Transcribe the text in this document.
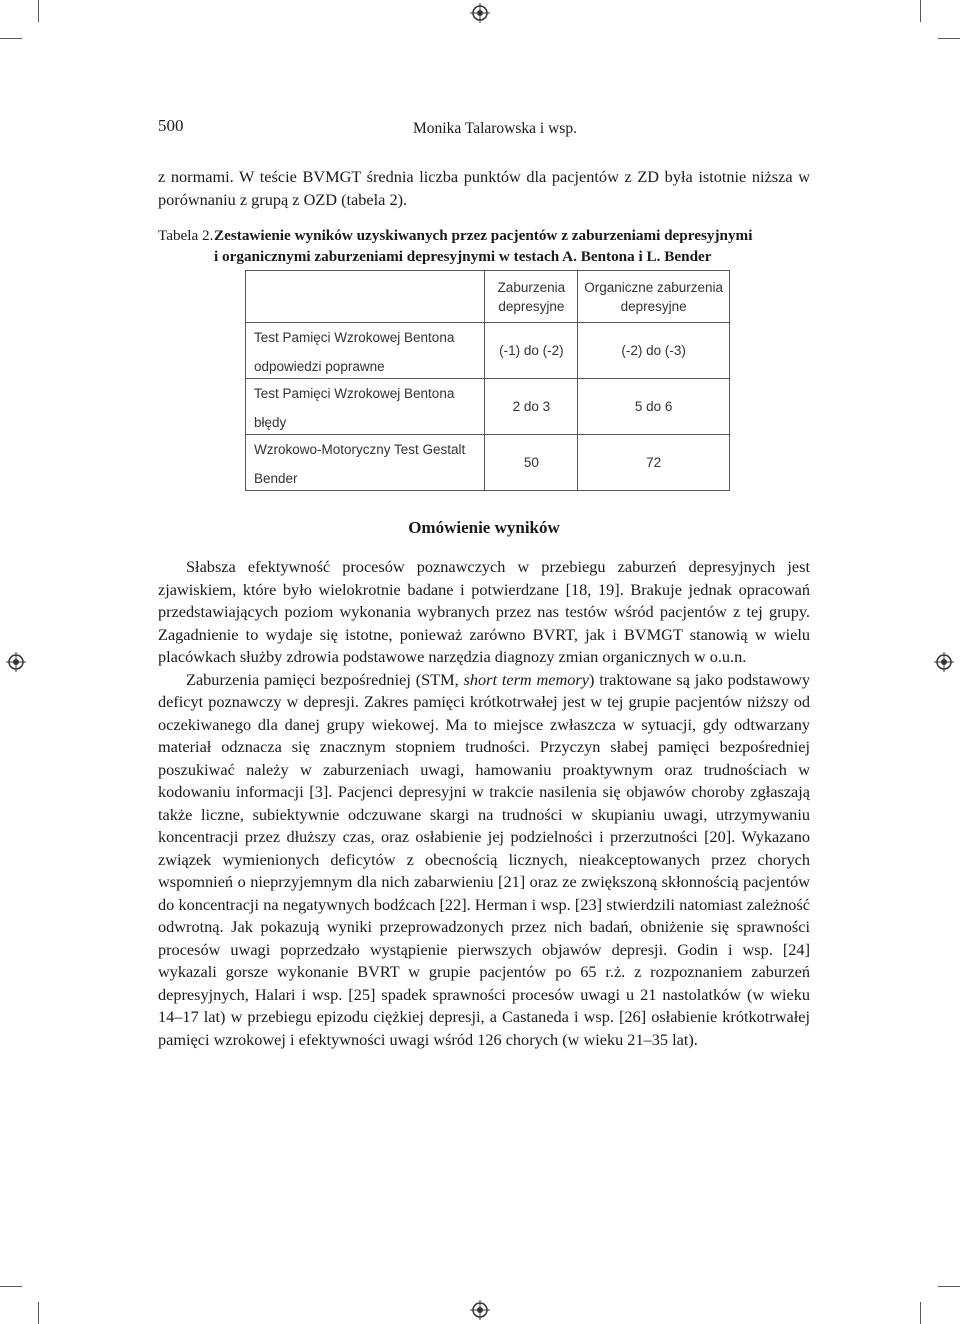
500	Monika Talarowska i wsp.

z normami. W teście BVMGT średnia liczba punktów dla pacjentów z ZD była istotnie niższa w porównaniu z grupą z OZD (tabela 2).

Tabela 2.Zestawienie wyników uzyskiwanych przez pacjentów z zaburzeniami depresyjnymi
i organicznymi zaburzeniami depresyjnymi w testach A. Bentona i L. Bender
	Zaburzenia depresyjne	Organiczne zaburzenia depresyjne

Test Pamięci Wzrokowej Bentona
odpowiedzi poprawne	(-1) do (-2)	(-2) do (-3)

Test Pamięci Wzrokowej Bentona
błędy	2 do 3	5 do 6

Wzrokowo-Motoryczny Test Gestalt
Bender	50	72
Omówienie wyników

Słabsza efektywność procesów poznawczych w przebiegu zaburzeń depresyjnych jest zjawiskiem, które było wielokrotnie badane i potwierdzane [18, 19]. Brakuje jednak opracowań przedstawiających poziom wykonania wybranych przez nas testów wśród pacjentów z tej grupy. Zagadnienie to wydaje się istotne, ponieważ zarówno BVRT, jak i BVMGT stanowią w wielu placówkach służby zdrowia podstawowe narzędzia diagnozy zmian organicznych w o.u.n.

Zaburzenia pamięci bezpośredniej (STM, short term memory) traktowane są jako podstawowy deficyt poznawczy w depresji. Zakres pamięci krótkotrwałej jest w tej grupie pacjentów niższy od oczekiwanego dla danej grupy wiekowej. Ma to miejsce zwłaszcza w sytuacji, gdy odtwarzany materiał odznacza się znacznym stopniem trudności. Przyczyn słabej pamięci bezpośredniej poszukiwać należy w zaburzeniach uwagi, hamowaniu proaktywnym oraz trudnościach w kodowaniu informacji [3]. Pacjenci depresyjni w trakcie nasilenia się objawów choroby zgłaszają także liczne, subiektywnie odczuwane skargi na trudności w skupianiu uwagi, utrzymywaniu koncentracji przez dłuższy czas, oraz osłabienie jej podzielności i przerzutności [20]. Wykazano związek wymienionych deficytów z obecnością licznych, nieakceptowanych przez chorych wspomnień o nieprzyjemnym dla nich zabarwieniu [21] oraz ze zwiększoną skłonnością pacjentów do koncentracji na negatywnych bodźcach [22]. Herman i wsp. [23] stwierdzili natomiast zależność odwrotną. Jak pokazują wyniki przeprowadzonych przez nich badań, obniżenie się sprawności procesów uwagi poprzedzało wystąpienie pierwszych objawów depresji. Godin i wsp. [24] wykazali gorsze wykonanie BVRT w grupie pacjentów po 65 r.ż. z rozpoznaniem zaburzeń depresyjnych, Halari i wsp. [25] spadek sprawności procesów uwagi u 21 nastolatków (w wieku 14–17 lat) w przebiegu epizodu ciężkiej depresji, a Castaneda i wsp. [26] osłabienie krótkotrwałej pamięci wzrokowej i efektywności uwagi wśród 126 chorych (w wieku 21–35 lat).
